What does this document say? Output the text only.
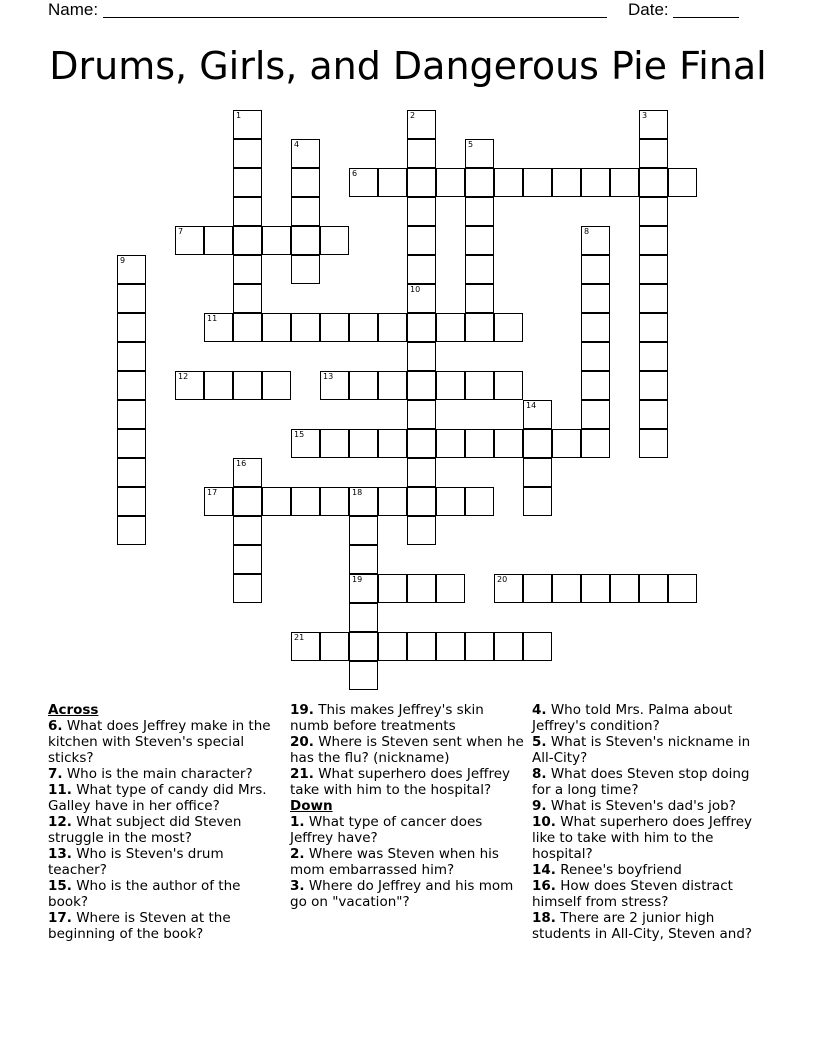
Name:	Date:
Drums, Girls, and Dangerous Pie Final
1	2	3
4	5
6
7	8
9
10
11
12	13
14
15
16
17	18
19	20
21
Across
6. What does Jeffrey make in the kitchen with Steven's special sticks?
7. Who is the main character?
11. What type of candy did Mrs. Galley have in her office?
12. What subject did Steven struggle in the most?
13. Who is Steven's drum teacher?
15. Who is the author of the book?
17. Where is Steven at the beginning of the book?
19. This makes Jeffrey's skin numb before treatments
20. Where is Steven sent when he has the flu? (nickname)
21. What superhero does Jeffrey take with him to the hospital?
Down
1. What type of cancer does Jeffrey have?
2. Where was Steven when his mom embarrassed him?
3. Where do Jeffrey and his mom go on "vacation"?
4. Who told Mrs. Palma about Jeffrey's condition?
5. What is Steven's nickname in All-City?
8. What does Steven stop doing for a long time?
9. What is Steven's dad's job?
10. What superhero does Jeffrey like to take with him to the hospital?
14. Renee's boyfriend
16. How does Steven distract himself from stress?
18. There are 2 junior high students in All-City, Steven and?
